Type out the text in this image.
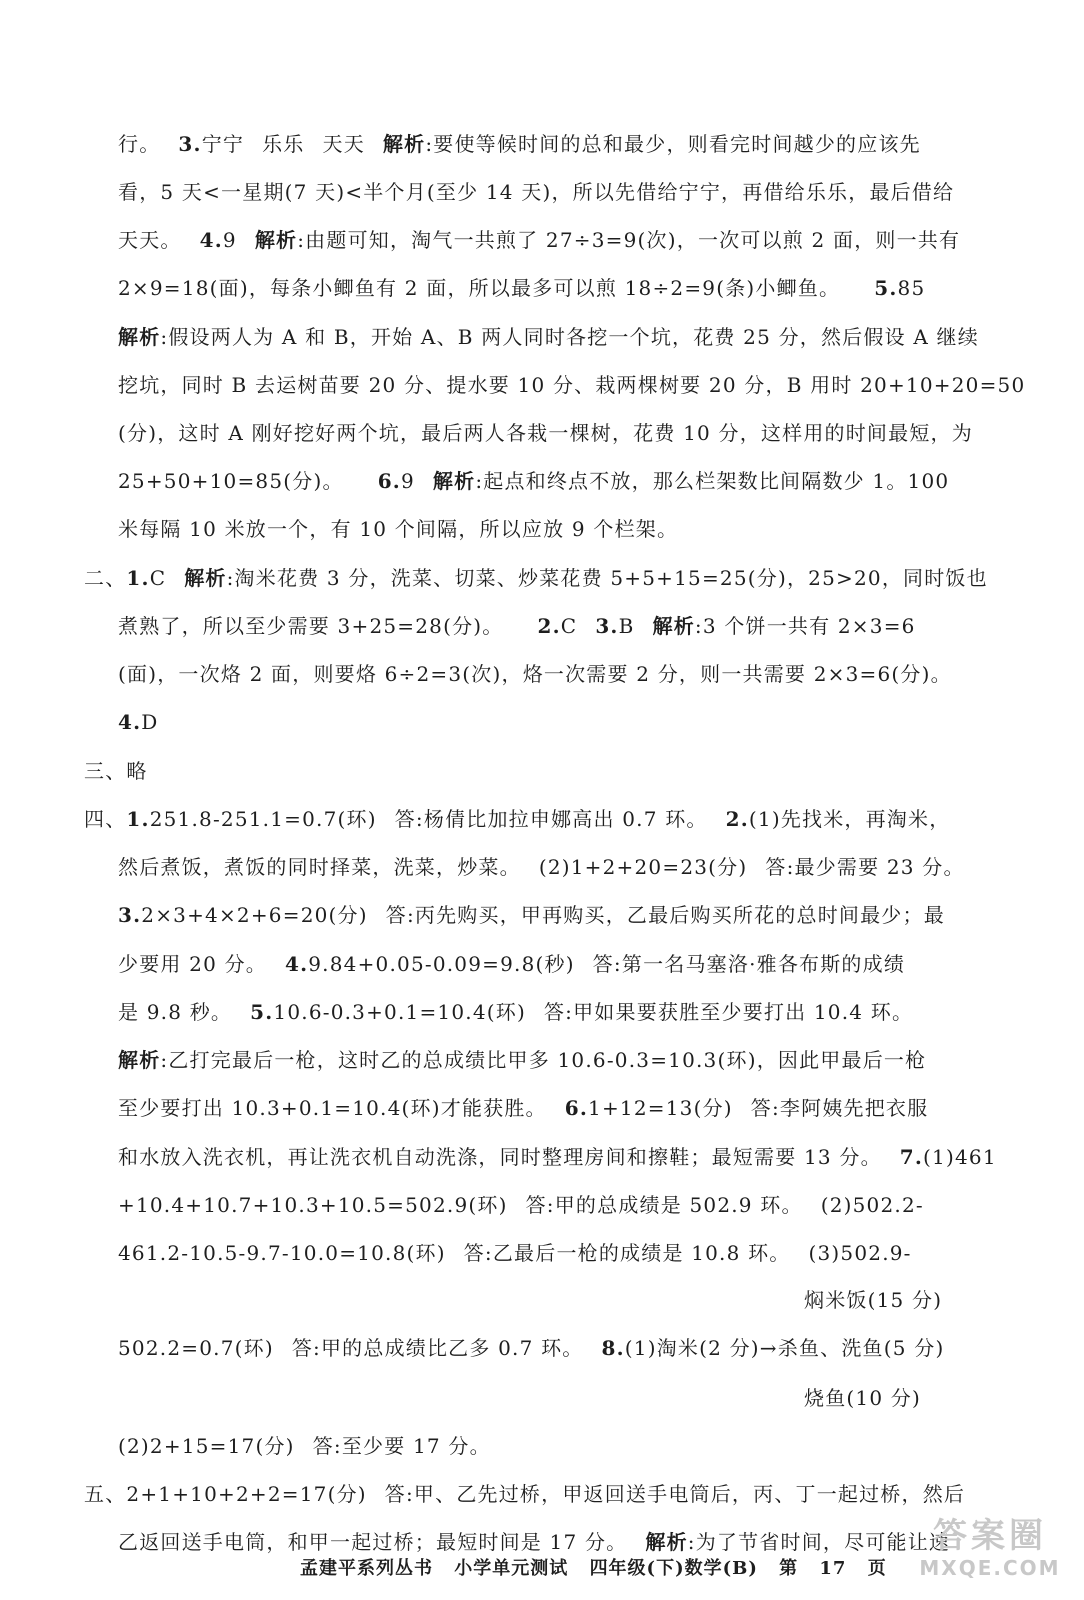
行。 3.宁宁 乐乐 天天 解析:要使等候时间的总和最少，则看完时间越少的应该先
看，5 天<一星期(7 天)<半个月(至少 14 天)，所以先借给宁宁，再借给乐乐，最后借给
天天。 4.9 解析:由题可知，淘气一共煎了 27÷3=9(次)，一次可以煎 2 面，则一共有
2×9=18(面)，每条小鲫鱼有 2 面，所以最多可以煎 18÷2=9(条)小鲫鱼。 5.85
解析:假设两人为 A 和 B，开始 A、B 两人同时各挖一个坑，花费 25 分，然后假设 A 继续
挖坑，同时 B 去运树苗要 20 分、提水要 10 分、栽两棵树要 20 分，B 用时 20+10+20=50
(分)，这时 A 刚好挖好两个坑，最后两人各栽一棵树，花费 10 分，这样用的时间最短，为
25+50+10=85(分)。 6.9 解析:起点和终点不放，那么栏架数比间隔数少 1。100
米每隔 10 米放一个，有 10 个间隔，所以应放 9 个栏架。
二、1.C 解析:淘米花费 3 分，洗菜、切菜、炒菜花费 5+5+15=25(分)，25>20，同时饭也
煮熟了，所以至少需要 3+25=28(分)。 2.C 3.B 解析:3 个饼一共有 2×3=6
(面)，一次烙 2 面，则要烙 6÷2=3(次)，烙一次需要 2 分，则一共需要 2×3=6(分)。
4.D
三、略
四、1.251.8-251.1=0.7(环) 答:杨倩比加拉申娜高出 0.7 环。 2.(1)先找米，再淘米，
然后煮饭，煮饭的同时择菜，洗菜，炒菜。 (2)1+2+20=23(分) 答:最少需要 23 分。
3.2×3+4×2+6=20(分) 答:丙先购买，甲再购买，乙最后购买所花的总时间最少；最
少要用 20 分。 4.9.84+0.05-0.09=9.8(秒) 答:第一名马塞洛·雅各布斯的成绩
是 9.8 秒。 5.10.6-0.3+0.1=10.4(环) 答:甲如果要获胜至少要打出 10.4 环。
解析:乙打完最后一枪，这时乙的总成绩比甲多 10.6-0.3=10.3(环)，因此甲最后一枪
至少要打出 10.3+0.1=10.4(环)才能获胜。 6.1+12=13(分) 答:李阿姨先把衣服
和水放入洗衣机，再让洗衣机自动洗涤，同时整理房间和擦鞋；最短需要 13 分。 7.(1)461
+10.4+10.7+10.3+10.5=502.9(环) 答:甲的总成绩是 502.9 环。 (2)502.2-
461.2-10.5-9.7-10.0=10.8(环) 答:乙最后一枪的成绩是 10.8 环。 (3)502.9-
焖米饭(15 分)
502.2=0.7(环) 答:甲的总成绩比乙多 0.7 环。 8.(1)淘米(2 分)→杀鱼、洗鱼(5 分)
烧鱼(10 分)
(2)2+15=17(分) 答:至少要 17 分。
五、2+1+10+2+2=17(分) 答:甲、乙先过桥，甲返回送手电筒后，丙、丁一起过桥，然后
乙返回送手电筒，和甲一起过桥；最短时间是 17 分。 解析:为了节省时间，尽可能让速
孟建平系列丛书 小学单元测试 四年级(下)数学(B) 第 17 页
答案圈
MXQE.COM
